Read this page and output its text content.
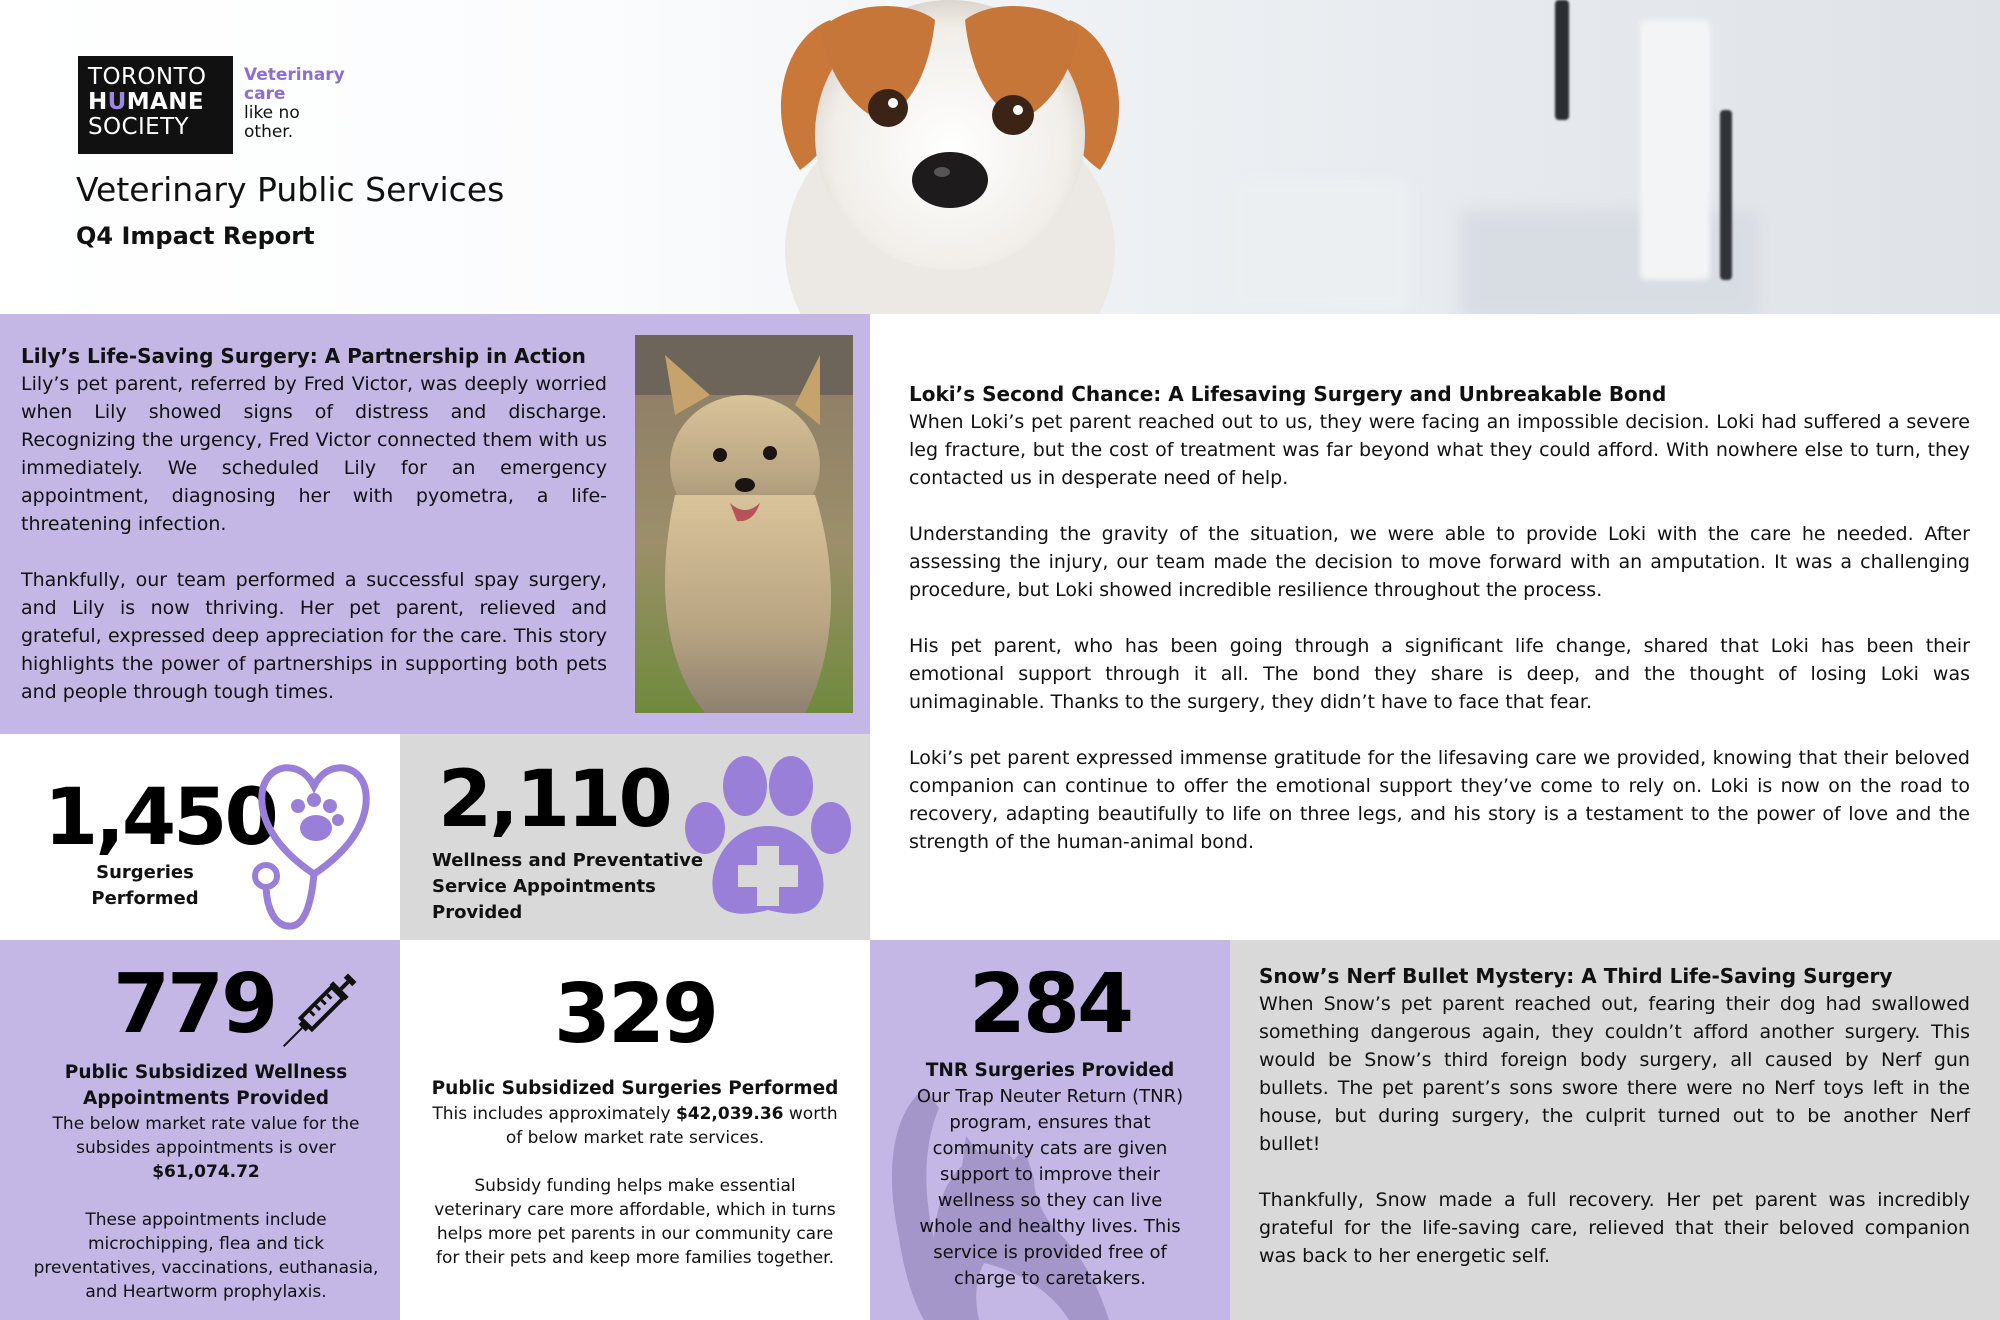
TORONTO
HUMANE
SOCIETY
Veterinary
care
like no
other.
Veterinary Public Services
Q4 Impact Report
Lily’s Life-Saving Surgery: A Partnership in Action

Lily’s pet parent, referred by Fred Victor, was deeply worried when Lily showed signs of distress and discharge. Recognizing the urgency, Fred Victor connected them with us immediately. We scheduled Lily for an emergency appointment, diagnosing her with pyometra, a life-threatening infection.

Thankfully, our team performed a successful spay surgery, and Lily is now thriving. Her pet parent, relieved and grateful, expressed deep appreciation for the care. This story highlights the power of partnerships in supporting both pets and people through tough times.

Loki’s Second Chance: A Lifesaving Surgery and Unbreakable Bond

When Loki’s pet parent reached out to us, they were facing an impossible decision. Loki had suffered a severe leg fracture, but the cost of treatment was far beyond what they could afford. With nowhere else to turn, they contacted us in desperate need of help.

Understanding the gravity of the situation, we were able to provide Loki with the care he needed. After assessing the injury, our team made the decision to move forward with an amputation. It was a challenging procedure, but Loki showed incredible resilience throughout the process.

His pet parent, who has been going through a significant life change, shared that Loki has been their emotional support through it all. The bond they share is deep, and the thought of losing Loki was unimaginable. Thanks to the surgery, they didn’t have to face that fear.

Loki’s pet parent expressed immense gratitude for the lifesaving care we provided, knowing that their beloved companion can continue to offer the emotional support they’ve come to rely on. Loki is now on the road to recovery, adapting beautifully to life on three legs, and his story is a testament to the power of love and the strength of the human-animal bond.

1,450
Surgeries
Performed
2,110
Wellness and Preventative
Service Appointments
Provided
779
Public Subsidized Wellness
Appointments Provided
The below market rate value for the
subsides appointments is over
$61,074.72
These appointments include
microchipping, flea and tick
preventatives, vaccinations, euthanasia,
and Heartworm prophylaxis.
329
Public Subsidized Surgeries Performed
This includes approximately $42,039.36 worth
of below market rate services.
Subsidy funding helps make essential
veterinary care more affordable, which in turns
helps more pet parents in our community care
for their pets and keep more families together.
284
TNR Surgeries Provided
Our Trap Neuter Return (TNR)
program, ensures that
community cats are given
support to improve their
wellness so they can live
whole and healthy lives. This
service is provided free of
charge to caretakers.
Snow’s Nerf Bullet Mystery: A Third Life-Saving Surgery

When Snow’s pet parent reached out, fearing their dog had swallowed something dangerous again, they couldn’t afford another surgery. This would be Snow’s third foreign body surgery, all caused by Nerf gun bullets. The pet parent’s sons swore there were no Nerf toys left in the house, but during surgery, the culprit turned out to be another Nerf bullet!

Thankfully, Snow made a full recovery. Her pet parent was incredibly grateful for the life-saving care, relieved that their beloved companion was back to her energetic self.
